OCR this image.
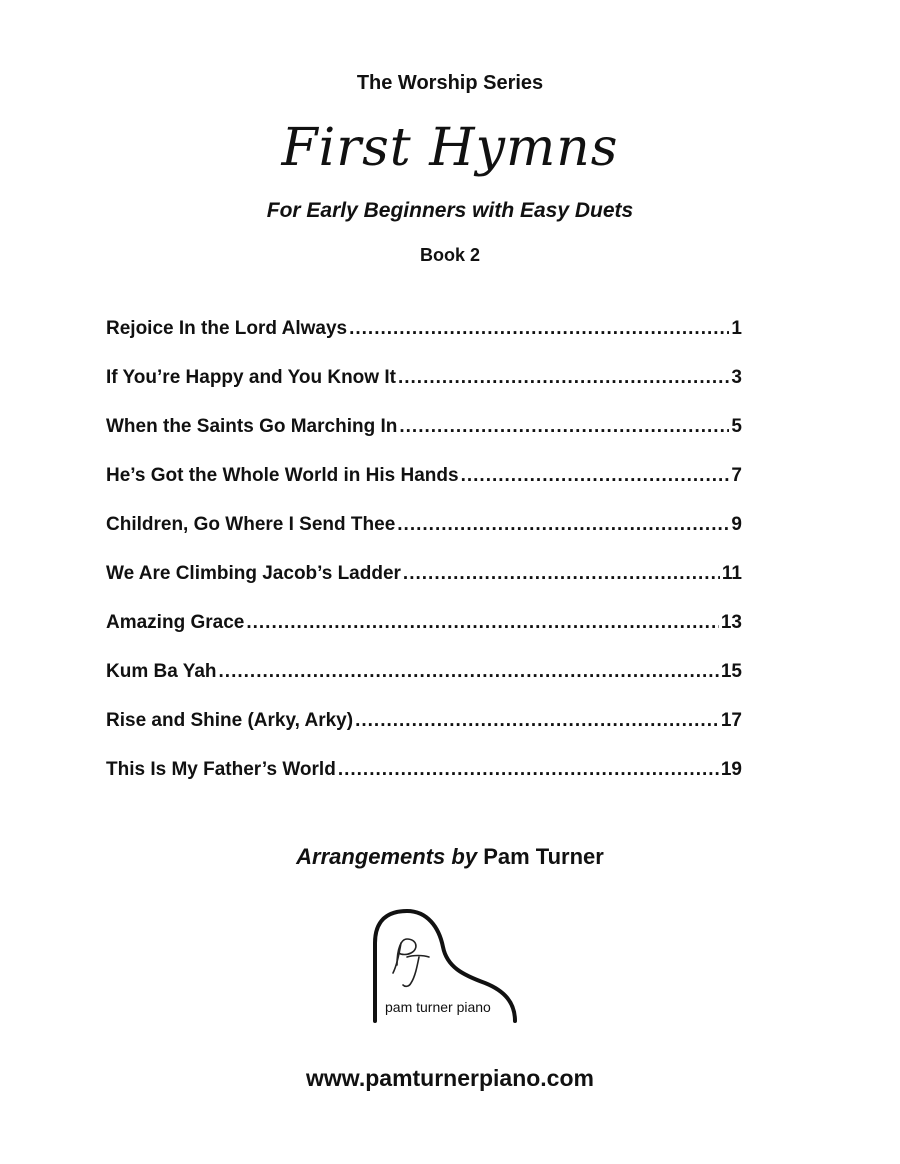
The Worship Series
First Hymns
For Early Beginners with Easy Duets
Book 2
Rejoice In the Lord Always .....	1
If You’re Happy and You Know It .....	3
When the Saints Go Marching In .....	5
He’s Got the Whole World in His Hands .....	7
Children, Go Where I Send Thee .....	9
We Are Climbing Jacob’s Ladder .....	11
Amazing Grace .....	13
Kum Ba Yah .....	15
Rise and Shine (Arky, Arky) .....	17
This Is My Father’s World .....	19
Arrangements by Pam Turner
pam turner piano
www.pamturnerpiano.com
